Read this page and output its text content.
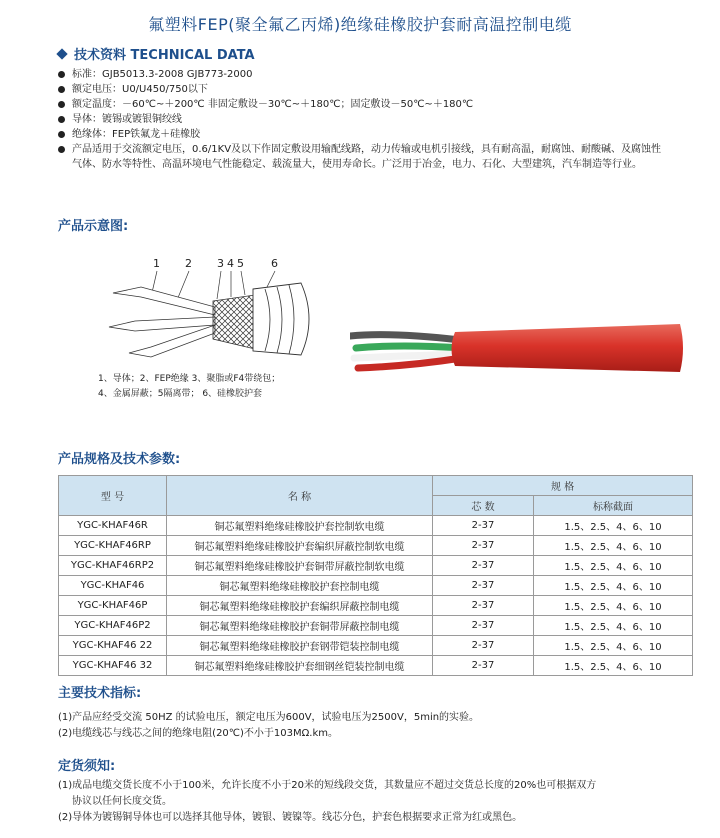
氟塑料FEP(聚全氟乙丙烯)绝缘硅橡胶护套耐高温控制电缆
技术资料 TECHNICAL DATA
标准：GJB5013.3-2008 GJB773-2000
额定电压：U0/U450/750以下
额定温度：－60℃~＋200℃ 非固定敷设－30℃~＋180℃；固定敷设－50℃~＋180℃
导体：镀锡或镀银铜绞线
绝缘体：FEP铁氟龙＋硅橡胶
产品适用于交流额定电压，0.6/1KV及以下作固定敷设用输配线路，动力传输或电机引接线，具有耐高温，耐腐蚀、耐酸碱、及腐蚀性气体、防水等特性、高温环境电气性能稳定、载流量大，使用寿命长。广泛用于冶金，电力、石化、大型建筑，汽车制造等行业。
产品示意图:
1 2 3 4 5 6
1、导体；2、FEP绝缘 3、聚脂或F4带绕包；
4、金属屏蔽；5隔离带； 6、硅橡胶护套
产品规格及技术参数:
型 号	名 称	规 格	
		芯 数	标称截面
YGC-KHAF46R	铜芯氟塑料绝缘硅橡胶护套控制软电缆	2-37	1.5、2.5、4、6、10
YGC-KHAF46RP	铜芯氟塑料绝缘硅橡胶护套编织屏蔽控制软电缆	2-37	1.5、2.5、4、6、10
YGC-KHAF46RP2	铜芯氟塑料绝缘硅橡胶护套铜带屏蔽控制软电缆	2-37	1.5、2.5、4、6、10
YGC-KHAF46	铜芯氟塑料绝缘硅橡胶护套控制电缆	2-37	1.5、2.5、4、6、10
YGC-KHAF46P	铜芯氟塑料绝缘硅橡胶护套编织屏蔽控制电缆	2-37	1.5、2.5、4、6、10
YGC-KHAF46P2	铜芯氟塑料绝缘硅橡胶护套铜带屏蔽控制电缆	2-37	1.5、2.5、4、6、10
YGC-KHAF46 22	铜芯氟塑料绝缘硅橡胶护套钢带铠装控制电缆	2-37	1.5、2.5、4、6、10
YGC-KHAF46 32	铜芯氟塑料绝缘硅橡胶护套细钢丝铠装控制电缆	2-37	1.5、2.5、4、6、10
主要技术指标:

(1)产品应经受交流 50HZ 的试验电压，额定电压为600V，试验电压为2500V，5min的实验。

(2)电缆线芯与线芯之间的绝缘电阻(20℃)不小于103MΩ.km。

定货须知:

(1)成品电缆交货长度不小于100米，允许长度不小于20米的短线段交货，其数量应不超过交货总长度的20%也可根据双方

协议以任何长度交货。

(2)导体为镀锡铜导体也可以选择其他导体，镀银、镀镍等。线芯分色，护套色根据要求正常为红或黑色。
